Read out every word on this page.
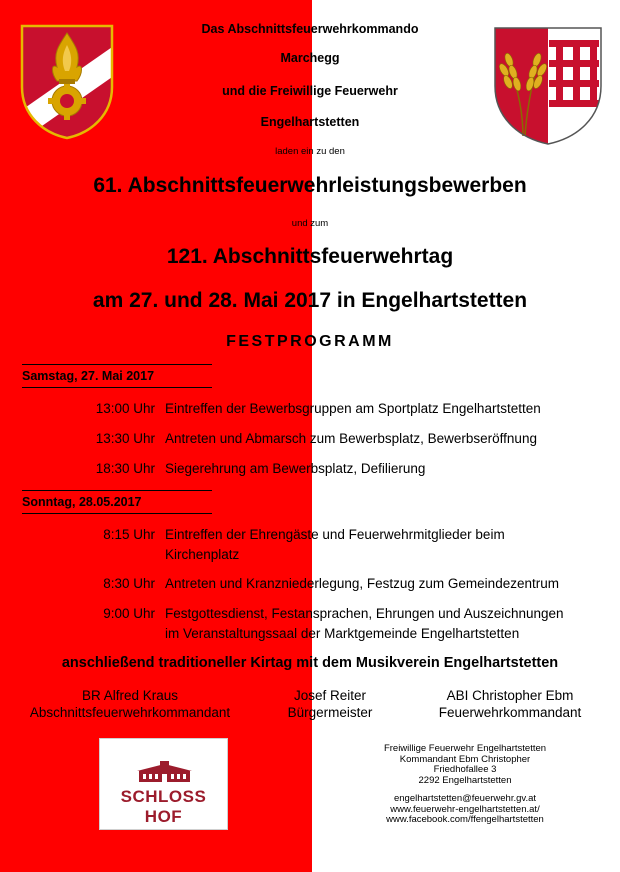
Das Abschnittsfeuerwehrkommando
Marchegg
und die Freiwillige Feuerwehr
Engelhartstetten
laden ein zu den
61. Abschnittsfeuerwehrleistungsbewerben
und zum
121. Abschnittsfeuerwehrtag
am 27. und 28. Mai 2017 in Engelhartstetten
FESTPROGRAMM
Samstag, 27. Mai 2017
13:00 Uhr Eintreffen der Bewerbsgruppen am Sportplatz Engelhartstetten
13:30 Uhr Antreten und Abmarsch zum Bewerbsplatz, Bewerbseröffnung
18:30 Uhr Siegerehrung am Bewerbsplatz, Defilierung
Sonntag, 28.05.2017
8:15 Uhr Eintreffen der Ehrengäste und Feuerwehrmitglieder beim
Kirchenplatz
8:30 Uhr Antreten und Kranzniederlegung, Festzug zum Gemeindezentrum
9:00 Uhr Festgottesdienst, Festansprachen, Ehrungen und Auszeichnungen
im Veranstaltungssaal der Marktgemeinde Engelhartstetten
anschließend traditioneller Kirtag mit dem Musikverein Engelhartstetten
BR Alfred Kraus
Abschnittsfeuerwehrkommandant
Josef Reiter
Bürgermeister
ABI Christopher Ebm
Feuerwehrkommandant
SCHLOSS HOF
Freiwillige Feuerwehr Engelhartstetten
Kommandant Ebm Christopher
Friedhofallee 3
2292 Engelhartstetten
engelhartstetten@feuerwehr.gv.at
www.feuerwehr-engelhartstetten.at/
www.facebook.com/ffengelhartstetten
